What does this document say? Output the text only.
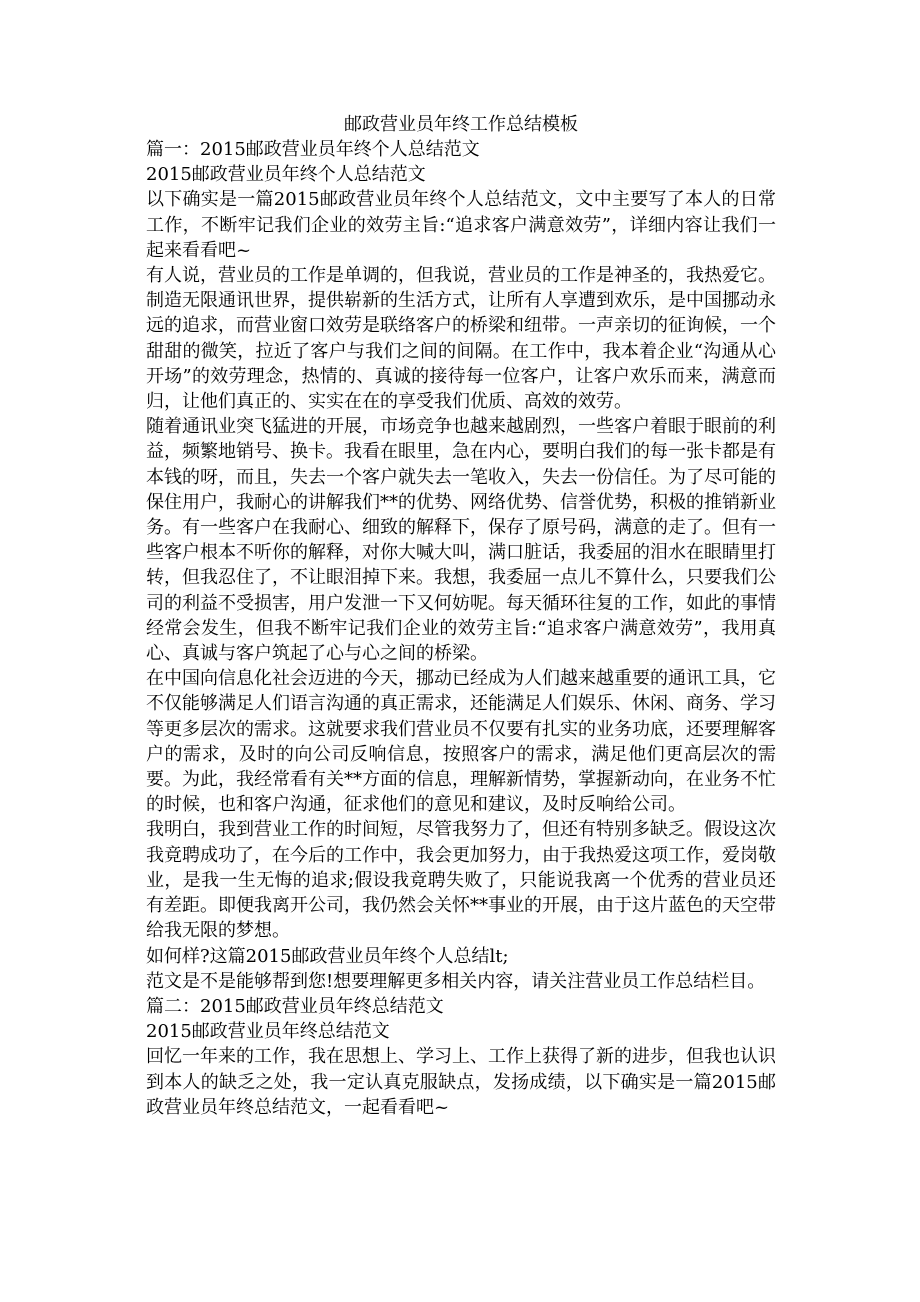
邮政营业员年终工作总结模板
篇一：2015邮政营业员年终个人总结范文
2015邮政营业员年终个人总结范文
以下确实是一篇2015邮政营业员年终个人总结范文，文中主要写了本人的日常工作，不断牢记我们企业的效劳主旨:“追求客户满意效劳”，详细内容让我们一起来看看吧~
有人说，营业员的工作是单调的，但我说，营业员的工作是神圣的，我热爱它。制造无限通讯世界，提供崭新的生活方式，让所有人享遭到欢乐，是中国挪动永远的追求，而营业窗口效劳是联络客户的桥梁和纽带。一声亲切的征询候，一个甜甜的微笑，拉近了客户与我们之间的间隔。在工作中，我本着企业“沟通从心开场”的效劳理念，热情的、真诚的接待每一位客户，让客户欢乐而来，满意而归，让他们真正的、实实在在的享受我们优质、高效的效劳。
随着通讯业突飞猛进的开展，市场竞争也越来越剧烈，一些客户着眼于眼前的利益，频繁地销号、换卡。我看在眼里，急在内心，要明白我们的每一张卡都是有本钱的呀，而且，失去一个客户就失去一笔收入，失去一份信任。为了尽可能的保住用户，我耐心的讲解我们**的优势、网络优势、信誉优势，积极的推销新业务。有一些客户在我耐心、细致的解释下，保存了原号码，满意的走了。但有一些客户根本不听你的解释，对你大喊大叫，满口脏话，我委屈的泪水在眼睛里打转，但我忍住了，不让眼泪掉下来。我想，我委屈一点儿不算什么，只要我们公司的利益不受损害，用户发泄一下又何妨呢。每天循环往复的工作，如此的事情经常会发生，但我不断牢记我们企业的效劳主旨:“追求客户满意效劳”，我用真心、真诚与客户筑起了心与心之间的桥梁。
在中国向信息化社会迈进的今天，挪动已经成为人们越来越重要的通讯工具，它不仅能够满足人们语言沟通的真正需求，还能满足人们娱乐、休闲、商务、学习等更多层次的需求。这就要求我们营业员不仅要有扎实的业务功底，还要理解客户的需求，及时的向公司反响信息，按照客户的需求，满足他们更高层次的需要。为此，我经常看有关**方面的信息，理解新情势，掌握新动向，在业务不忙的时候，也和客户沟通，征求他们的意见和建议，及时反响给公司。
我明白，我到营业工作的时间短，尽管我努力了，但还有特别多缺乏。假设这次我竟聘成功了，在今后的工作中，我会更加努力，由于我热爱这项工作，爱岗敬业，是我一生无悔的追求;假设我竟聘失败了，只能说我离一个优秀的营业员还有差距。即便我离开公司，我仍然会关怀**事业的开展，由于这片蓝色的天空带给我无限的梦想。
如何样?这篇2015邮政营业员年终个人总结lt;
范文是不是能够帮到您!想要理解更多相关内容，请关注营业员工作总结栏目。
篇二：2015邮政营业员年终总结范文
2015邮政营业员年终总结范文
回忆一年来的工作，我在思想上、学习上、工作上获得了新的进步，但我也认识到本人的缺乏之处，我一定认真克服缺点，发扬成绩，以下确实是一篇2015邮政营业员年终总结范文，一起看看吧~
